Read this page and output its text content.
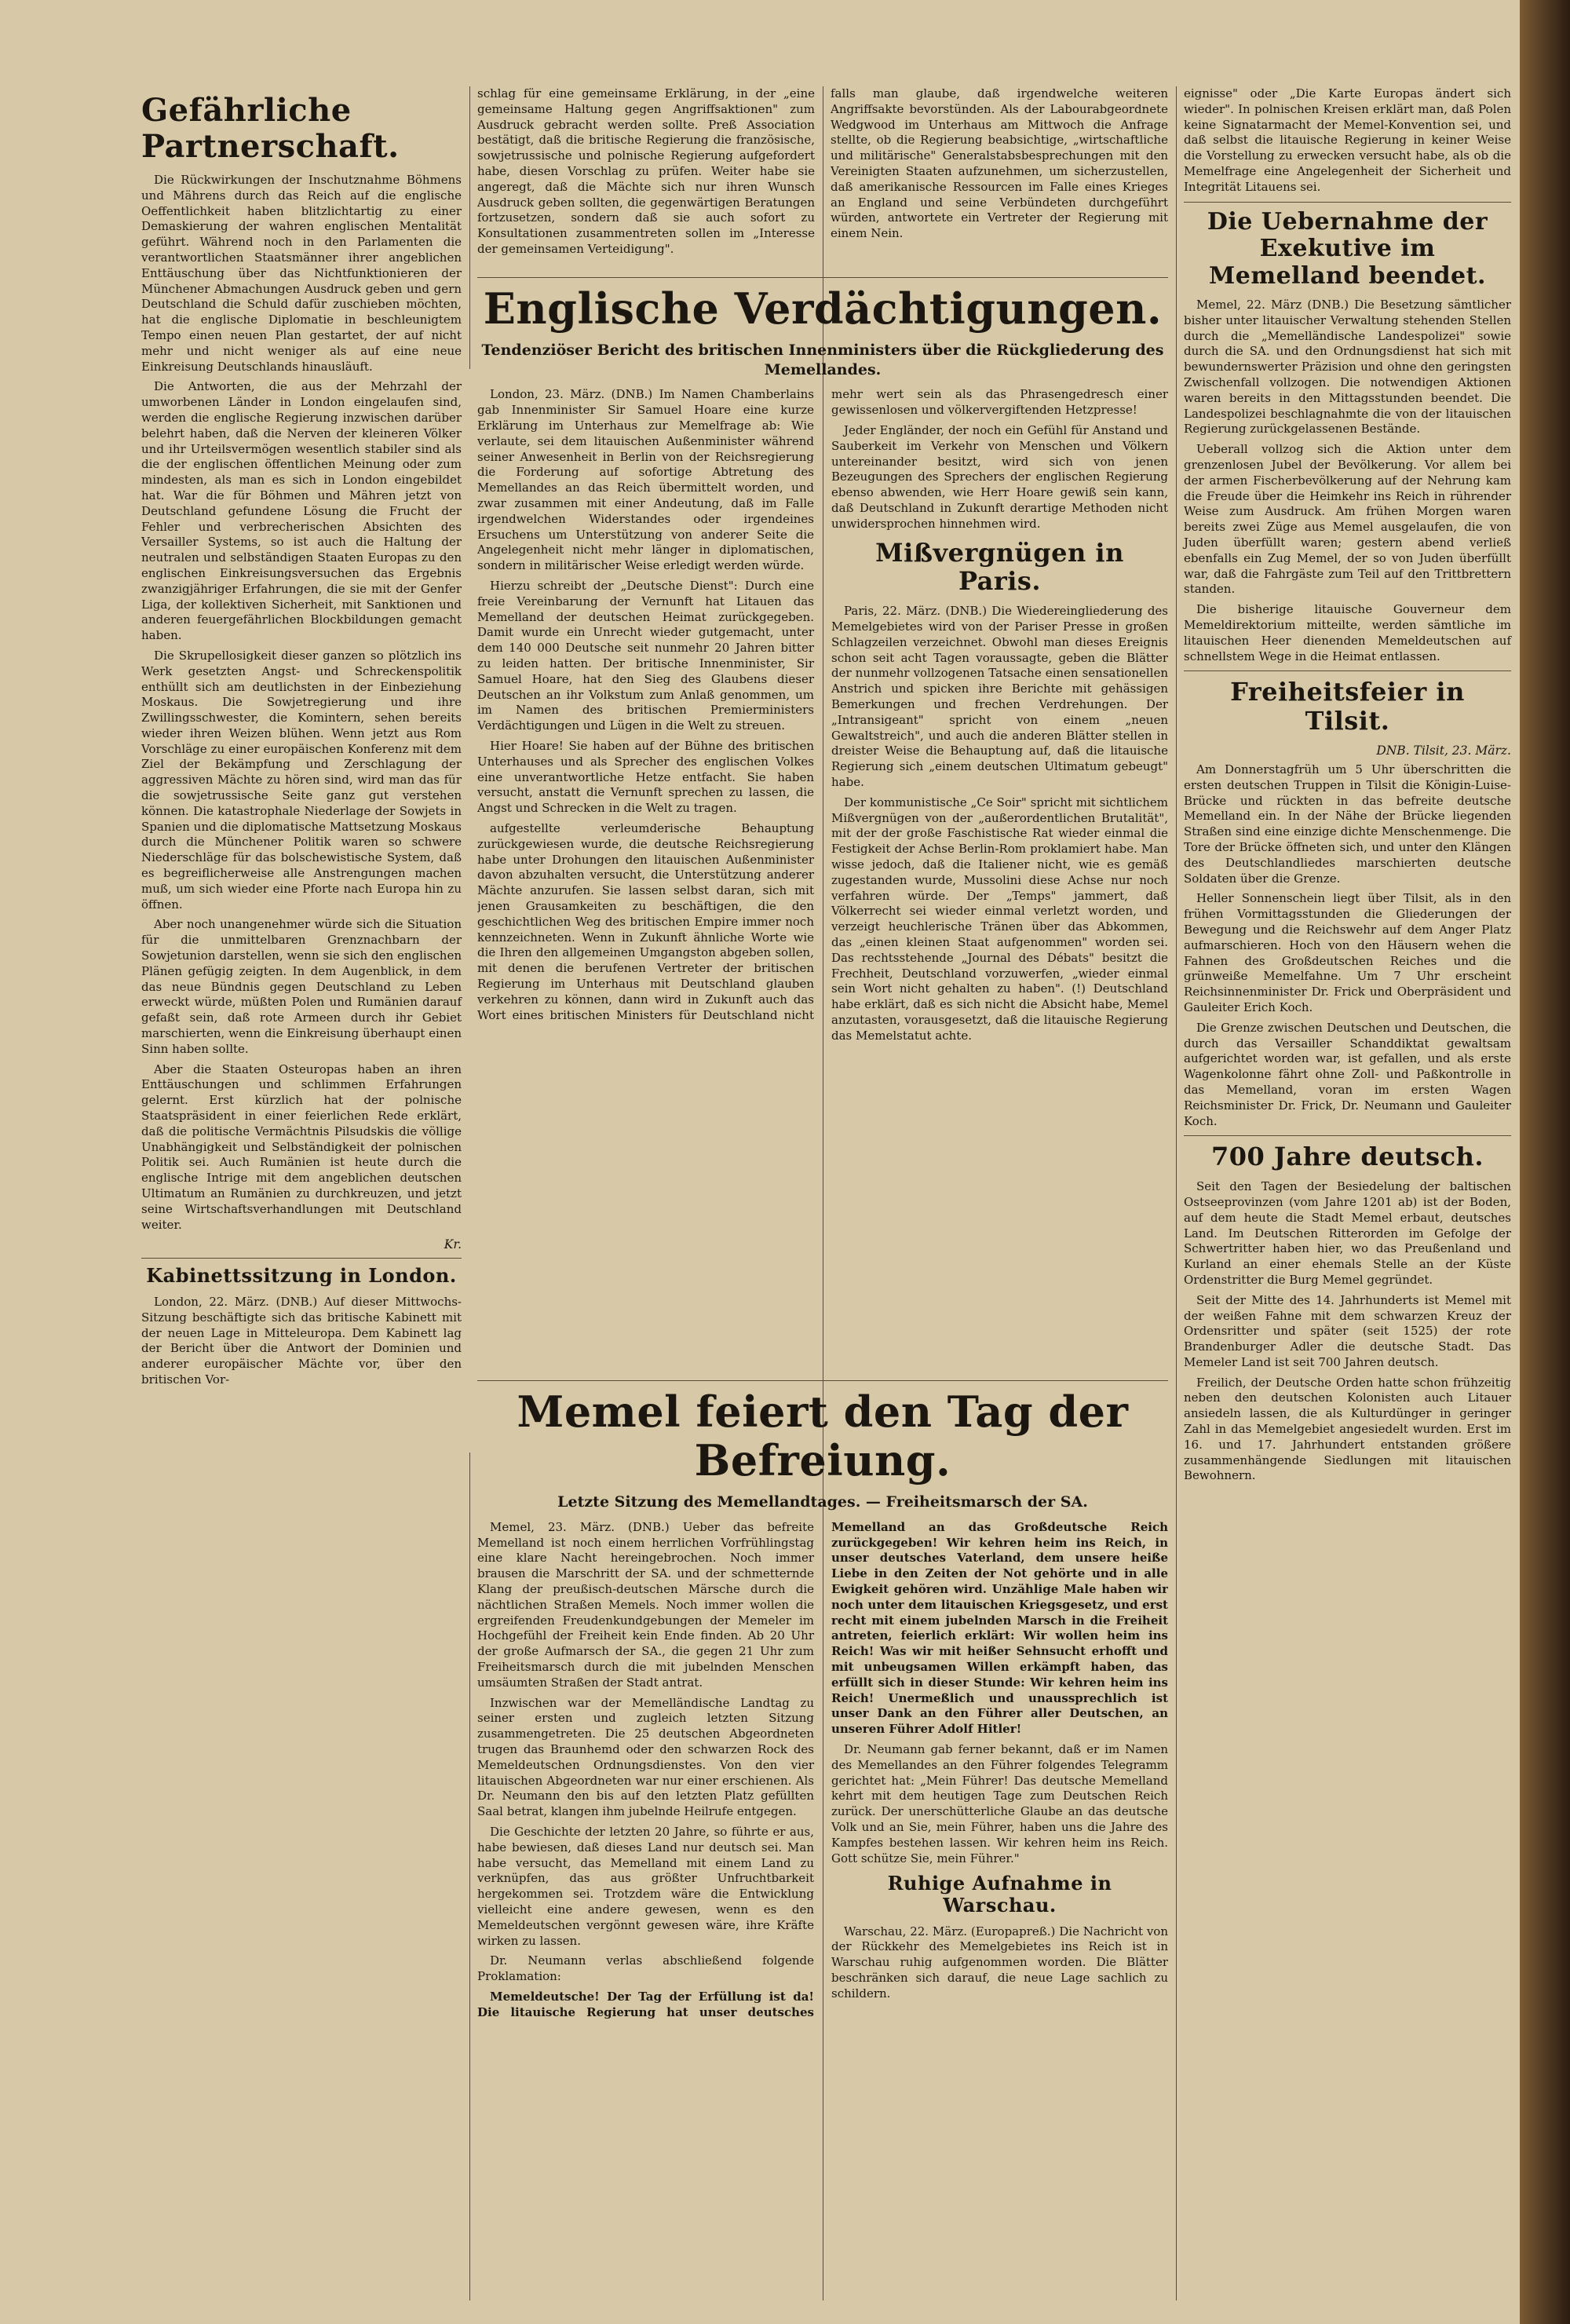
Gefährliche Partnerschaft.

Die Rückwirkungen der Inschutznahme Böhmens und Mährens durch das Reich auf die englische Oeffentlichkeit haben blitzlichtartig zu einer Demaskierung der wahren englischen Mentalität geführt. Während noch in den Parlamenten die verantwortlichen Staatsmänner ihrer angeblichen Enttäuschung über das Nichtfunktionieren der Münchener Abmachungen Ausdruck geben und gern Deutschland die Schuld dafür zuschieben möchten, hat die englische Diplomatie in beschleunigtem Tempo einen neuen Plan gestartet, der auf nicht mehr und nicht weniger als auf eine neue Einkreisung Deutschlands hinausläuft.

Die Antworten, die aus der Mehrzahl der umworbenen Länder in London eingelaufen sind, werden die englische Regierung inzwischen darüber belehrt haben, daß die Nerven der kleineren Völker und ihr Urteilsvermögen wesentlich stabiler sind als die der englischen öffentlichen Meinung oder zum mindesten, als man es sich in London eingebildet hat. War die für Böhmen und Mähren jetzt von Deutschland gefundene Lösung die Frucht der Fehler und verbrecherischen Absichten des Versailler Systems, so ist auch die Haltung der neutralen und selbständigen Staaten Europas zu den englischen Einkreisungsversuchen das Ergebnis zwanzigjähriger Erfahrungen, die sie mit der Genfer Liga, der kollektiven Sicherheit, mit Sanktionen und anderen feuergefährlichen Blockbildungen gemacht haben.

Die Skrupellosigkeit dieser ganzen so plötzlich ins Werk gesetzten Angst- und Schreckenspolitik enthüllt sich am deutlichsten in der Einbeziehung Moskaus. Die Sowjetregierung und ihre Zwillingsschwester, die Komintern, sehen bereits wieder ihren Weizen blühen. Wenn jetzt aus Rom Vorschläge zu einer europäischen Konferenz mit dem Ziel der Bekämpfung und Zerschlagung der aggressiven Mächte zu hören sind, wird man das für die sowjetrussische Seite ganz gut verstehen können. Die katastrophale Niederlage der Sowjets in Spanien und die diplomatische Mattsetzung Moskaus durch die Münchener Politik waren so schwere Niederschläge für das bolschewistische System, daß es begreiflicherweise alle Anstrengungen machen muß, um sich wieder eine Pforte nach Europa hin zu öffnen.

Aber noch unangenehmer würde sich die Situation für die unmittelbaren Grenznachbarn der Sowjetunion darstellen, wenn sie sich den englischen Plänen gefügig zeigten. In dem Augenblick, in dem das neue Bündnis gegen Deutschland zu Leben erweckt würde, müßten Polen und Rumänien darauf gefaßt sein, daß rote Armeen durch ihr Gebiet marschierten, wenn die Einkreisung überhaupt einen Sinn haben sollte.

Aber die Staaten Osteuropas haben an ihren Enttäuschungen und schlimmen Erfahrungen gelernt. Erst kürzlich hat der polnische Staatspräsident in einer feierlichen Rede erklärt, daß die politische Vermächtnis Pilsudskis die völlige Unabhängigkeit und Selbständigkeit der polnischen Politik sei. Auch Rumänien ist heute durch die englische Intrige mit dem angeblichen deutschen Ultimatum an Rumänien zu durchkreuzen, und jetzt seine Wirtschaftsverhandlungen mit Deutschland weiter.

Kr.
Kabinettssitzung in London.

London, 22. März. (DNB.) Auf dieser Mittwochs-Sitzung beschäftigte sich das britische Kabinett mit der neuen Lage in Mitteleuropa. Dem Kabinett lag der Bericht über die Antwort der Dominien und anderer europäischer Mächte vor, über den britischen Vor-

schlag für eine gemeinsame Erklärung, in der „eine gemeinsame Haltung gegen Angriffsaktionen" zum Ausdruck gebracht werden sollte. Preß Association bestätigt, daß die britische Regierung die französische, sowjetrussische und polnische Regierung aufgefordert habe, diesen Vorschlag zu prüfen. Weiter habe sie angeregt, daß die Mächte sich nur ihren Wunsch Ausdruck geben sollten, die gegenwärtigen Beratungen fortzusetzen, sondern daß sie auch sofort zu Konsultationen zusammentreten sollen im „Interesse der gemeinsamen Verteidigung".

falls man glaube, daß irgendwelche weiteren Angriffsakte bevorstünden. Als der Labourabgeordnete Wedgwood im Unterhaus am Mittwoch die Anfrage stellte, ob die Regierung beabsichtige, „wirtschaftliche und militärische" Generalstabsbesprechungen mit den Vereinigten Staaten aufzunehmen, um sicherzustellen, daß amerikanische Ressourcen im Falle eines Krieges an England und seine Verbündeten durchgeführt würden, antwortete ein Vertreter der Regierung mit einem Nein.

Englische Verdächtigungen.
Tendenziöser Bericht des britischen Innenministers über die Rückgliederung des Memellandes.

London, 23. März. (DNB.) Im Namen Chamberlains gab Innenminister Sir Samuel Hoare eine kurze Erklärung im Unterhaus zur Memelfrage ab: Wie verlaute, sei dem litauischen Außenminister während seiner Anwesenheit in Berlin von der Reichsregierung die Forderung auf sofortige Abtretung des Memellandes an das Reich übermittelt worden, und zwar zusammen mit einer Andeutung, daß im Falle irgendwelchen Widerstandes oder irgendeines Ersuchens um Unterstützung von anderer Seite die Angelegenheit nicht mehr länger in diplomatischen, sondern in militärischer Weise erledigt werden würde.

Hierzu schreibt der „Deutsche Dienst": Durch eine freie Vereinbarung der Vernunft hat Litauen das Memelland der deutschen Heimat zurückgegeben. Damit wurde ein Unrecht wieder gutgemacht, unter dem 140 000 Deutsche seit nunmehr 20 Jahren bitter zu leiden hatten. Der britische Innenminister, Sir Samuel Hoare, hat den Sieg des Glaubens dieser Deutschen an ihr Volkstum zum Anlaß genommen, um im Namen des britischen Premierministers Verdächtigungen und Lügen in die Welt zu streuen.

Hier Hoare! Sie haben auf der Bühne des britischen Unterhauses und als Sprecher des englischen Volkes eine unverantwortliche Hetze entfacht. Sie haben versucht, anstatt die Vernunft sprechen zu lassen, die Angst und Schrecken in die Welt zu tragen.

aufgestellte verleumderische Behauptung zurückgewiesen wurde, die deutsche Reichsregierung habe unter Drohungen den litauischen Außenminister davon abzuhalten versucht, die Unterstützung anderer Mächte anzurufen. Sie lassen selbst daran, sich mit jenen Grausamkeiten zu beschäftigen, die den geschichtlichen Weg des britischen Empire immer noch kennzeichneten. Wenn in Zukunft ähnliche Worte wie die Ihren den allgemeinen Umgangston abgeben sollen, mit denen die berufenen Vertreter der britischen Regierung im Unterhaus mit Deutschland glauben verkehren zu können, dann wird in Zukunft auch das Wort eines britischen Ministers für Deutschland nicht mehr wert sein als das Phrasengedresch einer gewissenlosen und völkervergiftenden Hetzpresse!

Jeder Engländer, der noch ein Gefühl für Anstand und Sauberkeit im Verkehr von Menschen und Völkern untereinander besitzt, wird sich von jenen Bezeugungen des Sprechers der englischen Regierung ebenso abwenden, wie Herr Hoare gewiß sein kann, daß Deutschland in Zukunft derartige Methoden nicht unwidersprochen hinnehmen wird.

Mißvergnügen in Paris.

Paris, 22. März. (DNB.) Die Wiedereingliederung des Memelgebietes wird von der Pariser Presse in großen Schlagzeilen verzeichnet. Obwohl man dieses Ereignis schon seit acht Tagen voraussagte, geben die Blätter der nunmehr vollzogenen Tatsache einen sensationellen Anstrich und spicken ihre Berichte mit gehässigen Bemerkungen und frechen Verdrehungen. Der „Intransigeant" spricht von einem „neuen Gewaltstreich", und auch die anderen Blätter stellen in dreister Weise die Behauptung auf, daß die litauische Regierung sich „einem deutschen Ultimatum gebeugt" habe.

Der kommunistische „Ce Soir" spricht mit sichtlichem Mißvergnügen von der „außerordentlichen Brutalität", mit der der große Faschistische Rat wieder einmal die Festigkeit der Achse Berlin-Rom proklamiert habe. Man wisse jedoch, daß die Italiener nicht, wie es gemäß zugestanden wurde, Mussolini diese Achse nur noch verfahren würde. Der „Temps" jammert, daß Völkerrecht sei wieder einmal verletzt worden, und verzeigt heuchlerische Tränen über das Abkommen, das „einen kleinen Staat aufgenommen" worden sei. Das rechtsstehende „Journal des Débats" besitzt die Frechheit, Deutschland vorzuwerfen, „wieder einmal sein Wort nicht gehalten zu haben". (!) Deutschland habe erklärt, daß es sich nicht die Absicht habe, Memel anzutasten, vorausgesetzt, daß die litauische Regierung das Memelstatut achte.

Memel feiert den Tag der Befreiung.
Letzte Sitzung des Memellandtages. — Freiheitsmarsch der SA.

Memel, 23. März. (DNB.) Ueber das befreite Memelland ist noch einem herrlichen Vorfrühlingstag eine klare Nacht hereingebrochen. Noch immer brausen die Marschritt der SA. und der schmetternde Klang der preußisch-deutschen Märsche durch die nächtlichen Straßen Memels. Noch immer wollen die ergreifenden Freudenkundgebungen der Memeler im Hochgefühl der Freiheit kein Ende finden. Ab 20 Uhr der große Aufmarsch der SA., die gegen 21 Uhr zum Freiheitsmarsch durch die mit jubelnden Menschen umsäumten Straßen der Stadt antrat.

Inzwischen war der Memelländische Landtag zu seiner ersten und zugleich letzten Sitzung zusammengetreten. Die 25 deutschen Abgeordneten trugen das Braunhemd oder den schwarzen Rock des Memeldeutschen Ordnungsdienstes. Von den vier litauischen Abgeordneten war nur einer erschienen. Als Dr. Neumann den bis auf den letzten Platz gefüllten Saal betrat, klangen ihm jubelnde Heilrufe entgegen.

Die Geschichte der letzten 20 Jahre, so führte er aus, habe bewiesen, daß dieses Land nur deutsch sei. Man habe versucht, das Memelland mit einem Land zu verknüpfen, das aus größter Unfruchtbarkeit hergekommen sei. Trotzdem wäre die Entwicklung vielleicht eine andere gewesen, wenn es den Memeldeutschen vergönnt gewesen wäre, ihre Kräfte wirken zu lassen.

Dr. Neumann verlas abschließend folgende Proklamation:

Memeldeutsche! Der Tag der Erfüllung ist da! Die litauische Regierung hat unser deutsches Memelland an das Großdeutsche Reich zurückgegeben! Wir kehren heim ins Reich, in unser deutsches Vaterland, dem unsere heiße Liebe in den Zeiten der Not gehörte und in alle Ewigkeit gehören wird. Unzählige Male haben wir noch unter dem litauischen Kriegsgesetz, und erst recht mit einem jubelnden Marsch in die Freiheit antreten, feierlich erklärt: Wir wollen heim ins Reich! Was wir mit heißer Sehnsucht erhofft und mit unbeugsamen Willen erkämpft haben, das erfüllt sich in dieser Stunde: Wir kehren heim ins Reich! Unermeßlich und unaussprechlich ist unser Dank an den Führer aller Deutschen, an unseren Führer Adolf Hitler!

Dr. Neumann gab ferner bekannt, daß er im Namen des Memellandes an den Führer folgendes Telegramm gerichtet hat: „Mein Führer! Das deutsche Memelland kehrt mit dem heutigen Tage zum Deutschen Reich zurück. Der unerschütterliche Glaube an das deutsche Volk und an Sie, mein Führer, haben uns die Jahre des Kampfes bestehen lassen. Wir kehren heim ins Reich. Gott schütze Sie, mein Führer."

Ruhige Aufnahme in Warschau.

Warschau, 22. März. (Europapreß.) Die Nachricht von der Rückkehr des Memelgebietes ins Reich ist in Warschau ruhig aufgenommen worden. Die Blätter beschränken sich darauf, die neue Lage sachlich zu schildern.

eignisse" oder „Die Karte Europas ändert sich wieder". In polnischen Kreisen erklärt man, daß Polen keine Signatarmacht der Memel-Konvention sei, und daß selbst die litauische Regierung in keiner Weise die Vorstellung zu erwecken versucht habe, als ob die Memelfrage eine Angelegenheit der Sicherheit und Integrität Litauens sei.

Die Uebernahme der Exekutive im Memelland beendet.

Memel, 22. März (DNB.) Die Besetzung sämtlicher bisher unter litauischer Verwaltung stehenden Stellen durch die „Memelländische Landespolizei" sowie durch die SA. und den Ordnungsdienst hat sich mit bewundernswerter Präzision und ohne den geringsten Zwischenfall vollzogen. Die notwendigen Aktionen waren bereits in den Mittagsstunden beendet. Die Landespolizei beschlagnahmte die von der litauischen Regierung zurückgelassenen Bestände.

Ueberall vollzog sich die Aktion unter dem grenzenlosen Jubel der Bevölkerung. Vor allem bei der armen Fischerbevölkerung auf der Nehrung kam die Freude über die Heimkehr ins Reich in rührender Weise zum Ausdruck. Am frühen Morgen waren bereits zwei Züge aus Memel ausgelaufen, die von Juden überfüllt waren; gestern abend verließ ebenfalls ein Zug Memel, der so von Juden überfüllt war, daß die Fahrgäste zum Teil auf den Trittbrettern standen.

Die bisherige litauische Gouverneur dem Memeldirektorium mitteilte, werden sämtliche im litauischen Heer dienenden Memeldeutschen auf schnellstem Wege in die Heimat entlassen.

Freiheitsfeier in Tilsit.
DNB. Tilsit, 23. März.

Am Donnerstagfrüh um 5 Uhr überschritten die ersten deutschen Truppen in Tilsit die Königin-Luise-Brücke und rückten in das befreite deutsche Memelland ein. In der Nähe der Brücke liegenden Straßen sind eine einzige dichte Menschenmenge. Die Tore der Brücke öffneten sich, und unter den Klängen des Deutschlandliedes marschierten deutsche Soldaten über die Grenze.

Heller Sonnenschein liegt über Tilsit, als in den frühen Vormittagsstunden die Gliederungen der Bewegung und die Reichswehr auf dem Anger Platz aufmarschieren. Hoch von den Häusern wehen die Fahnen des Großdeutschen Reiches und die grünweiße Memelfahne. Um 7 Uhr erscheint Reichsinnenminister Dr. Frick und Oberpräsident und Gauleiter Erich Koch.

Die Grenze zwischen Deutschen und Deutschen, die durch das Versailler Schanddiktat gewaltsam aufgerichtet worden war, ist gefallen, und als erste Wagenkolonne fährt ohne Zoll- und Paßkontrolle in das Memelland, voran im ersten Wagen Reichsminister Dr. Frick, Dr. Neumann und Gauleiter Koch.

700 Jahre deutsch.

Seit den Tagen der Besiedelung der baltischen Ostseeprovinzen (vom Jahre 1201 ab) ist der Boden, auf dem heute die Stadt Memel erbaut, deutsches Land. Im Deutschen Ritterorden im Gefolge der Schwertritter haben hier, wo das Preußenland und Kurland an einer ehemals Stelle an der Küste Ordenstritter die Burg Memel gegründet.

Seit der Mitte des 14. Jahrhunderts ist Memel mit der weißen Fahne mit dem schwarzen Kreuz der Ordensritter und später (seit 1525) der rote Brandenburger Adler die deutsche Stadt. Das Memeler Land ist seit 700 Jahren deutsch.

Freilich, der Deutsche Orden hatte schon frühzeitig neben den deutschen Kolonisten auch Litauer ansiedeln lassen, die als Kulturdünger in geringer Zahl in das Memelgebiet angesiedelt wurden. Erst im 16. und 17. Jahrhundert entstanden größere zusammenhängende Siedlungen mit litauischen Bewohnern.
